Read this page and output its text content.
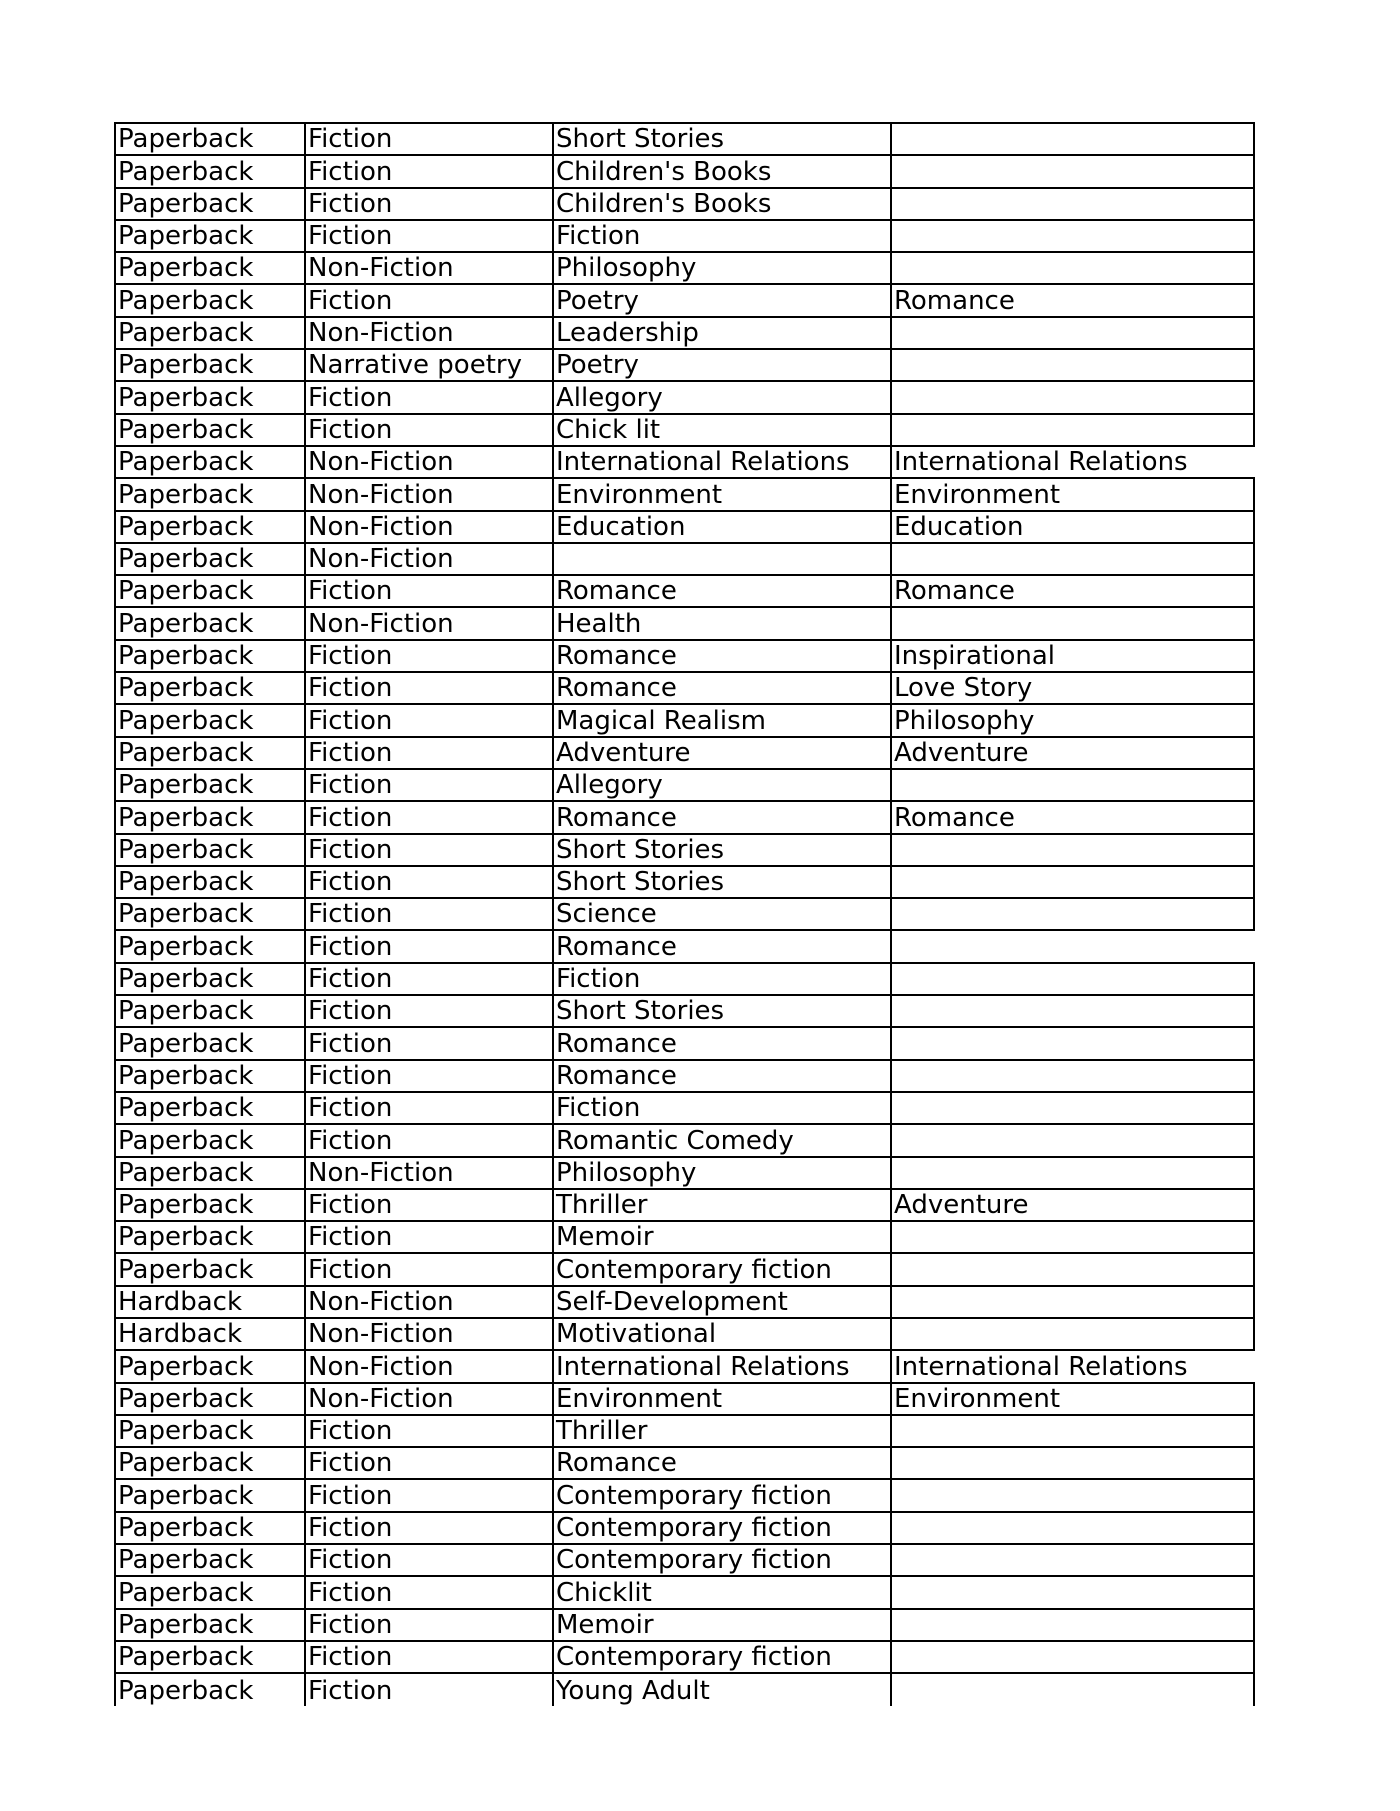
Paperback	Fiction	Short Stories	
Paperback	Fiction	Children's Books	
Paperback	Fiction	Children's Books	
Paperback	Fiction	Fiction	
Paperback	Non-Fiction	Philosophy	
Paperback	Fiction	Poetry	Romance
Paperback	Non-Fiction	Leadership	
Paperback	Narrative poetry	Poetry	
Paperback	Fiction	Allegory	
Paperback	Fiction	Chick lit	
Paperback	Non-Fiction	International Relations	International Relations
Paperback	Non-Fiction	Environment	Environment
Paperback	Non-Fiction	Education	Education
Paperback	Non-Fiction		
Paperback	Fiction	Romance	Romance
Paperback	Non-Fiction	Health	
Paperback	Fiction	Romance	Inspirational
Paperback	Fiction	Romance	Love Story
Paperback	Fiction	Magical Realism	Philosophy
Paperback	Fiction	Adventure	Adventure
Paperback	Fiction	Allegory	
Paperback	Fiction	Romance	Romance
Paperback	Fiction	Short Stories	
Paperback	Fiction	Short Stories	
Paperback	Fiction	Science	
Paperback	Fiction	Romance	
Paperback	Fiction	Fiction	
Paperback	Fiction	Short Stories	
Paperback	Fiction	Romance	
Paperback	Fiction	Romance	
Paperback	Fiction	Fiction	
Paperback	Fiction	Romantic Comedy	
Paperback	Non-Fiction	Philosophy	
Paperback	Fiction	Thriller	Adventure
Paperback	Fiction	Memoir	
Paperback	Fiction	Contemporary fiction	
Hardback	Non-Fiction	Self-Development	
Hardback	Non-Fiction	Motivational	
Paperback	Non-Fiction	International Relations	International Relations
Paperback	Non-Fiction	Environment	Environment
Paperback	Fiction	Thriller	
Paperback	Fiction	Romance	
Paperback	Fiction	Contemporary fiction	
Paperback	Fiction	Contemporary fiction	
Paperback	Fiction	Contemporary fiction	
Paperback	Fiction	Chicklit	
Paperback	Fiction	Memoir	
Paperback	Fiction	Contemporary fiction	
Paperback	Fiction	Young Adult	
